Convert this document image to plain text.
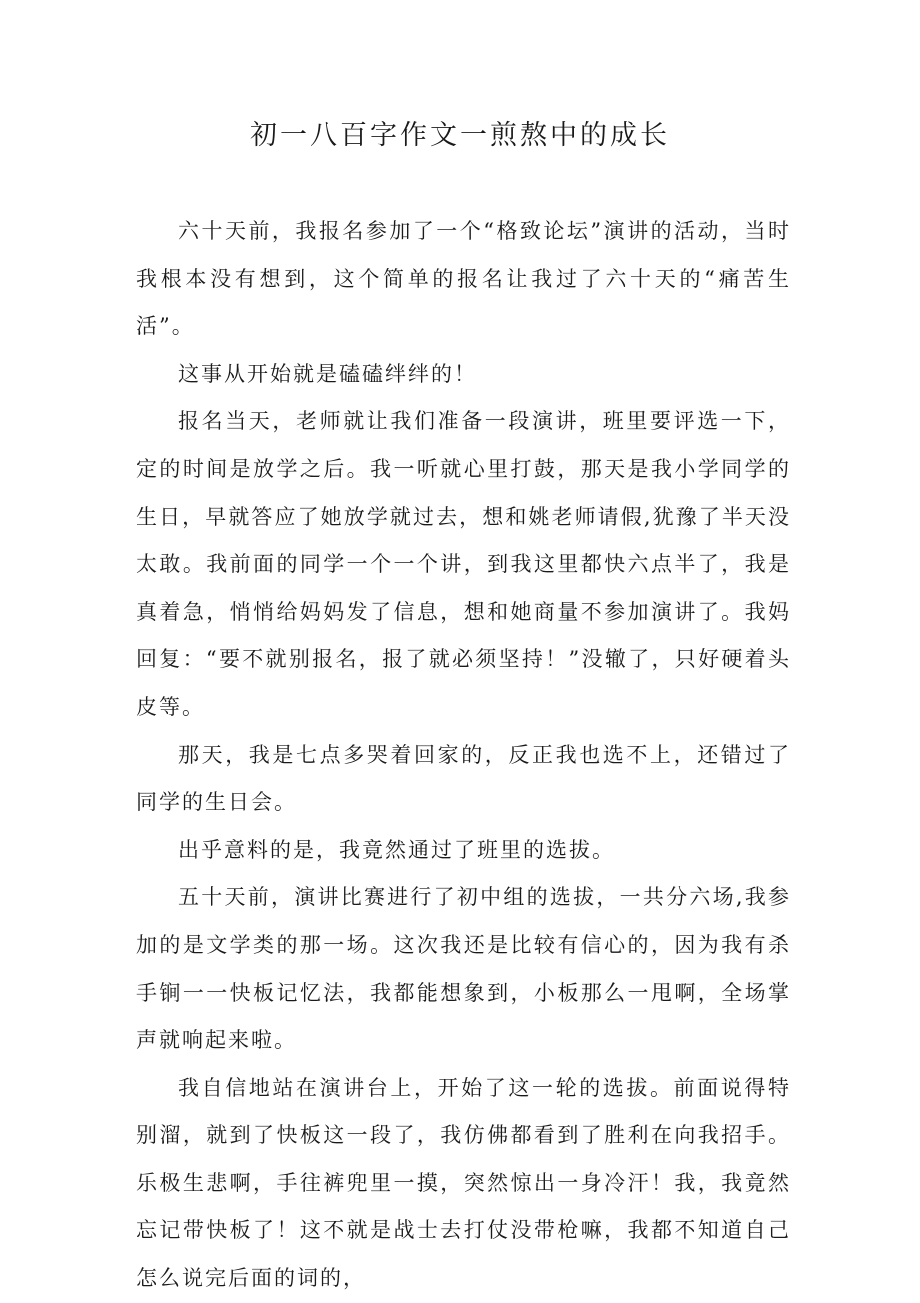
初一八百字作文一煎熬中的成长

六十天前，我报名参加了一个“格致论坛”演讲的活动，当时我根本没有想到，这个简单的报名让我过了六十天的“痛苦生活”。

这事从开始就是磕磕绊绊的！

报名当天，老师就让我们准备一段演讲，班里要评选一下，定的时间是放学之后。我一听就心里打鼓，那天是我小学同学的生日，早就答应了她放学就过去，想和姚老师请假,犹豫了半天没太敢。我前面的同学一个一个讲，到我这里都快六点半了，我是真着急，悄悄给妈妈发了信息，想和她商量不参加演讲了。我妈回复：“要不就别报名，报了就必须坚持！”没辙了，只好硬着头皮等。

那天，我是七点多哭着回家的，反正我也选不上，还错过了同学的生日会。

出乎意料的是，我竟然通过了班里的选拔。

五十天前，演讲比赛进行了初中组的选拔，一共分六场,我参加的是文学类的那一场。这次我还是比较有信心的，因为我有杀手锏一一快板记忆法，我都能想象到，小板那么一甩啊，全场掌声就响起来啦。

我自信地站在演讲台上，开始了这一轮的选拔。前面说得特别溜，就到了快板这一段了，我仿佛都看到了胜利在向我招手。乐极生悲啊，手往裤兜里一摸，突然惊出一身冷汗！我，我竟然忘记带快板了！这不就是战士去打仗没带枪嘛，我都不知道自己怎么说完后面的词的，
